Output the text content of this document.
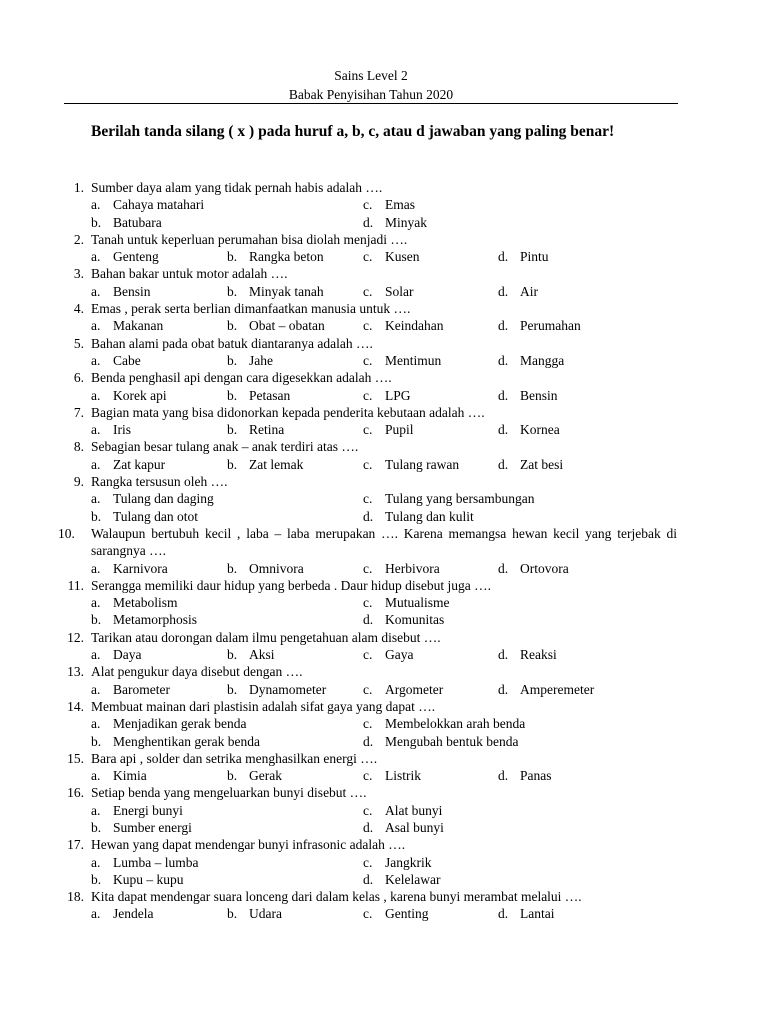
Sains Level 2
Babak Penyisihan Tahun 2020
Berilah tanda silang ( x ) pada huruf a, b, c, atau d jawaban yang paling benar!
1. Sumber daya alam yang tidak pernah habis adalah ….
a. Cahaya matahari	c. Emas
b. Batubara	d. Minyak
2. Tanah untuk keperluan perumahan bisa diolah menjadi ….
a. Genteng	b. Rangka beton	c. Kusen	d. Pintu
3. Bahan bakar untuk motor adalah ….
a. Bensin	b. Minyak tanah	c. Solar	d. Air
4. Emas , perak serta berlian dimanfaatkan manusia untuk ….
a. Makanan	b. Obat – obatan	c. Keindahan	d. Perumahan
5. Bahan alami pada obat batuk diantaranya adalah ….
a. Cabe	b. Jahe	c. Mentimun	d. Mangga
6. Benda penghasil api dengan cara digesekkan adalah ….
a. Korek api	b. Petasan	c. LPG	d. Bensin
7. Bagian mata yang bisa didonorkan kepada penderita kebutaan adalah ….
a. Iris	b. Retina	c. Pupil	d. Kornea
8. Sebagian besar tulang anak – anak terdiri atas ….
a. Zat kapur	b. Zat lemak	c. Tulang rawan	d. Zat besi
9. Rangka tersusun oleh ….
a. Tulang dan daging	c. Tulang yang bersambungan
b. Tulang dan otot	d. Tulang dan kulit
10.	Walaupun bertubuh kecil , laba – laba merupakan …. Karena memangsa hewan kecil yang terjebak di sarangnya ….
a. Karnivora	b. Omnivora	c. Herbivora	d. Ortovora
11. Serangga memiliki daur hidup yang berbeda . Daur hidup disebut juga ….
a. Metabolism	c. Mutualisme
b. Metamorphosis	d. Komunitas
12. Tarikan atau dorongan dalam ilmu pengetahuan alam disebut ….
a. Daya	b. Aksi	c. Gaya	d. Reaksi
13. Alat pengukur daya disebut dengan ….
a. Barometer	b. Dynamometer	c. Argometer	d. Amperemeter
14. Membuat mainan dari plastisin adalah sifat gaya yang dapat ….
a. Menjadikan gerak benda	c. Membelokkan arah benda
b. Menghentikan gerak benda	d. Mengubah bentuk benda
15. Bara api , solder dan setrika menghasilkan energi ….
a. Kimia	b. Gerak	c. Listrik	d. Panas
16. Setiap benda yang mengeluarkan bunyi disebut ….
a. Energi bunyi	c. Alat bunyi
b. Sumber energi	d. Asal bunyi
17. Hewan yang dapat mendengar bunyi infrasonic adalah ….
a. Lumba – lumba	c. Jangkrik
b. Kupu – kupu	d. Kelelawar
18. Kita dapat mendengar suara lonceng dari dalam kelas , karena bunyi merambat melalui ….
a. Jendela	b. Udara	c. Genting	d. Lantai
